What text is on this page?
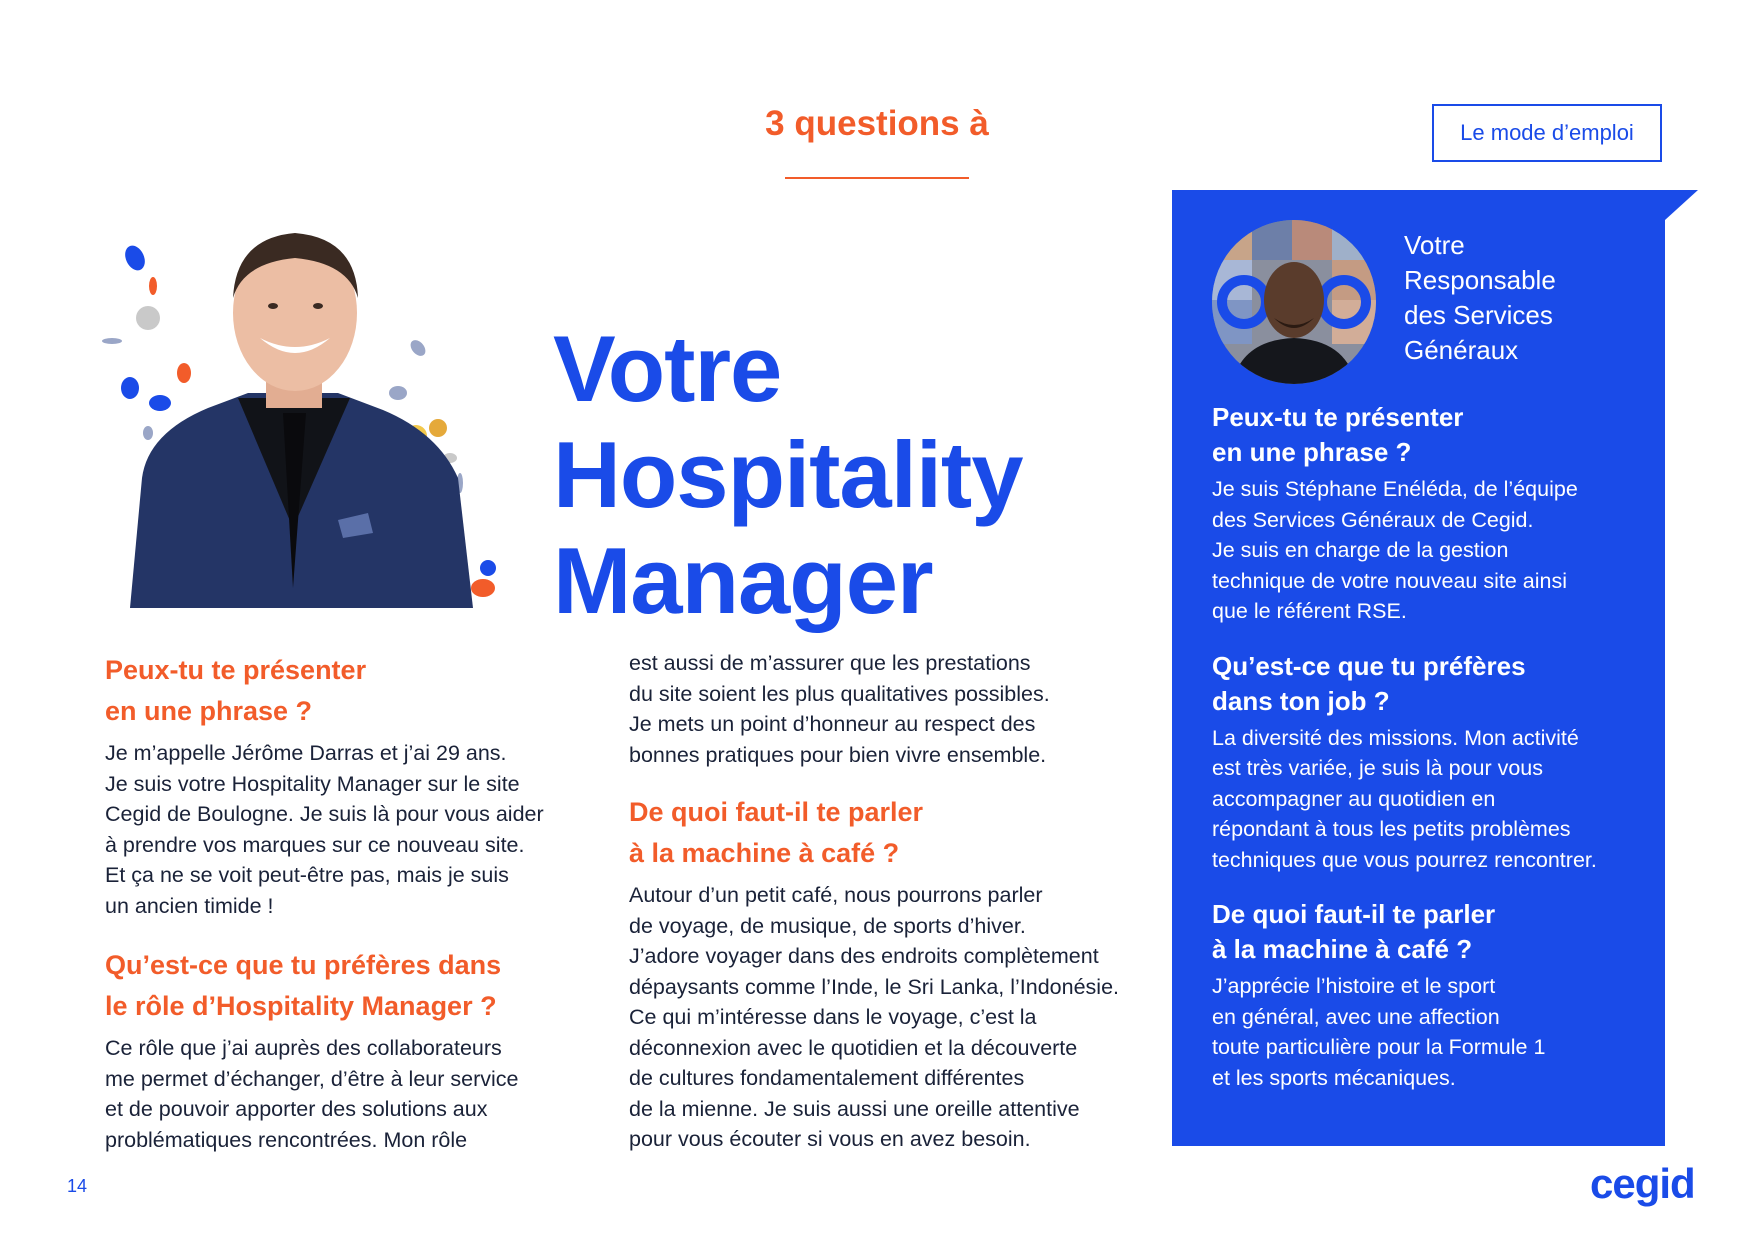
3 questions à	Le mode d’emploi
Votre
Hospitality
Manager
Peux-tu te présenter
en une phrase ?

Je m’appelle Jérôme Darras et j’ai 29 ans.
Je suis votre Hospitality Manager sur le site
Cegid de Boulogne. Je suis là pour vous aider
à prendre vos marques sur ce nouveau site.
Et ça ne se voit peut-être pas, mais je suis
un ancien timide !

Qu’est-ce que tu préfères dans
le rôle d’Hospitality Manager ?

Ce rôle que j’ai auprès des collaborateurs
me permet d’échanger, d’être à leur service
et de pouvoir apporter des solutions aux
problématiques rencontrées. Mon rôle

est aussi de m’assurer que les prestations
du site soient les plus qualitatives possibles.
Je mets un point d’honneur au respect des
bonnes pratiques pour bien vivre ensemble.

De quoi faut-il te parler
à la machine à café ?

Autour d’un petit café, nous pourrons parler
de voyage, de musique, de sports d’hiver.
J’adore voyager dans des endroits complètement
dépaysants comme l’Inde, le Sri Lanka, l’Indonésie.
Ce qui m’intéresse dans le voyage, c’est la
déconnexion avec le quotidien et la découverte
de cultures fondamentalement différentes
de la mienne. Je suis aussi une oreille attentive
pour vous écouter si vous en avez besoin.

Votre
Responsable
des Services
Généraux
Peux-tu te présenter
en une phrase ?

Je suis Stéphane Enéléda, de l’équipe
des Services Généraux de Cegid.
Je suis en charge de la gestion
technique de votre nouveau site ainsi
que le référent RSE.

Qu’est-ce que tu préfères
dans ton job ?

La diversité des missions. Mon activité
est très variée, je suis là pour vous
accompagner au quotidien en
répondant à tous les petits problèmes
techniques que vous pourrez rencontrer.

De quoi faut-il te parler
à la machine à café ?

J’apprécie l’histoire et le sport
en général, avec une affection
toute particulière pour la Formule 1
et les sports mécaniques.

14	cegid
